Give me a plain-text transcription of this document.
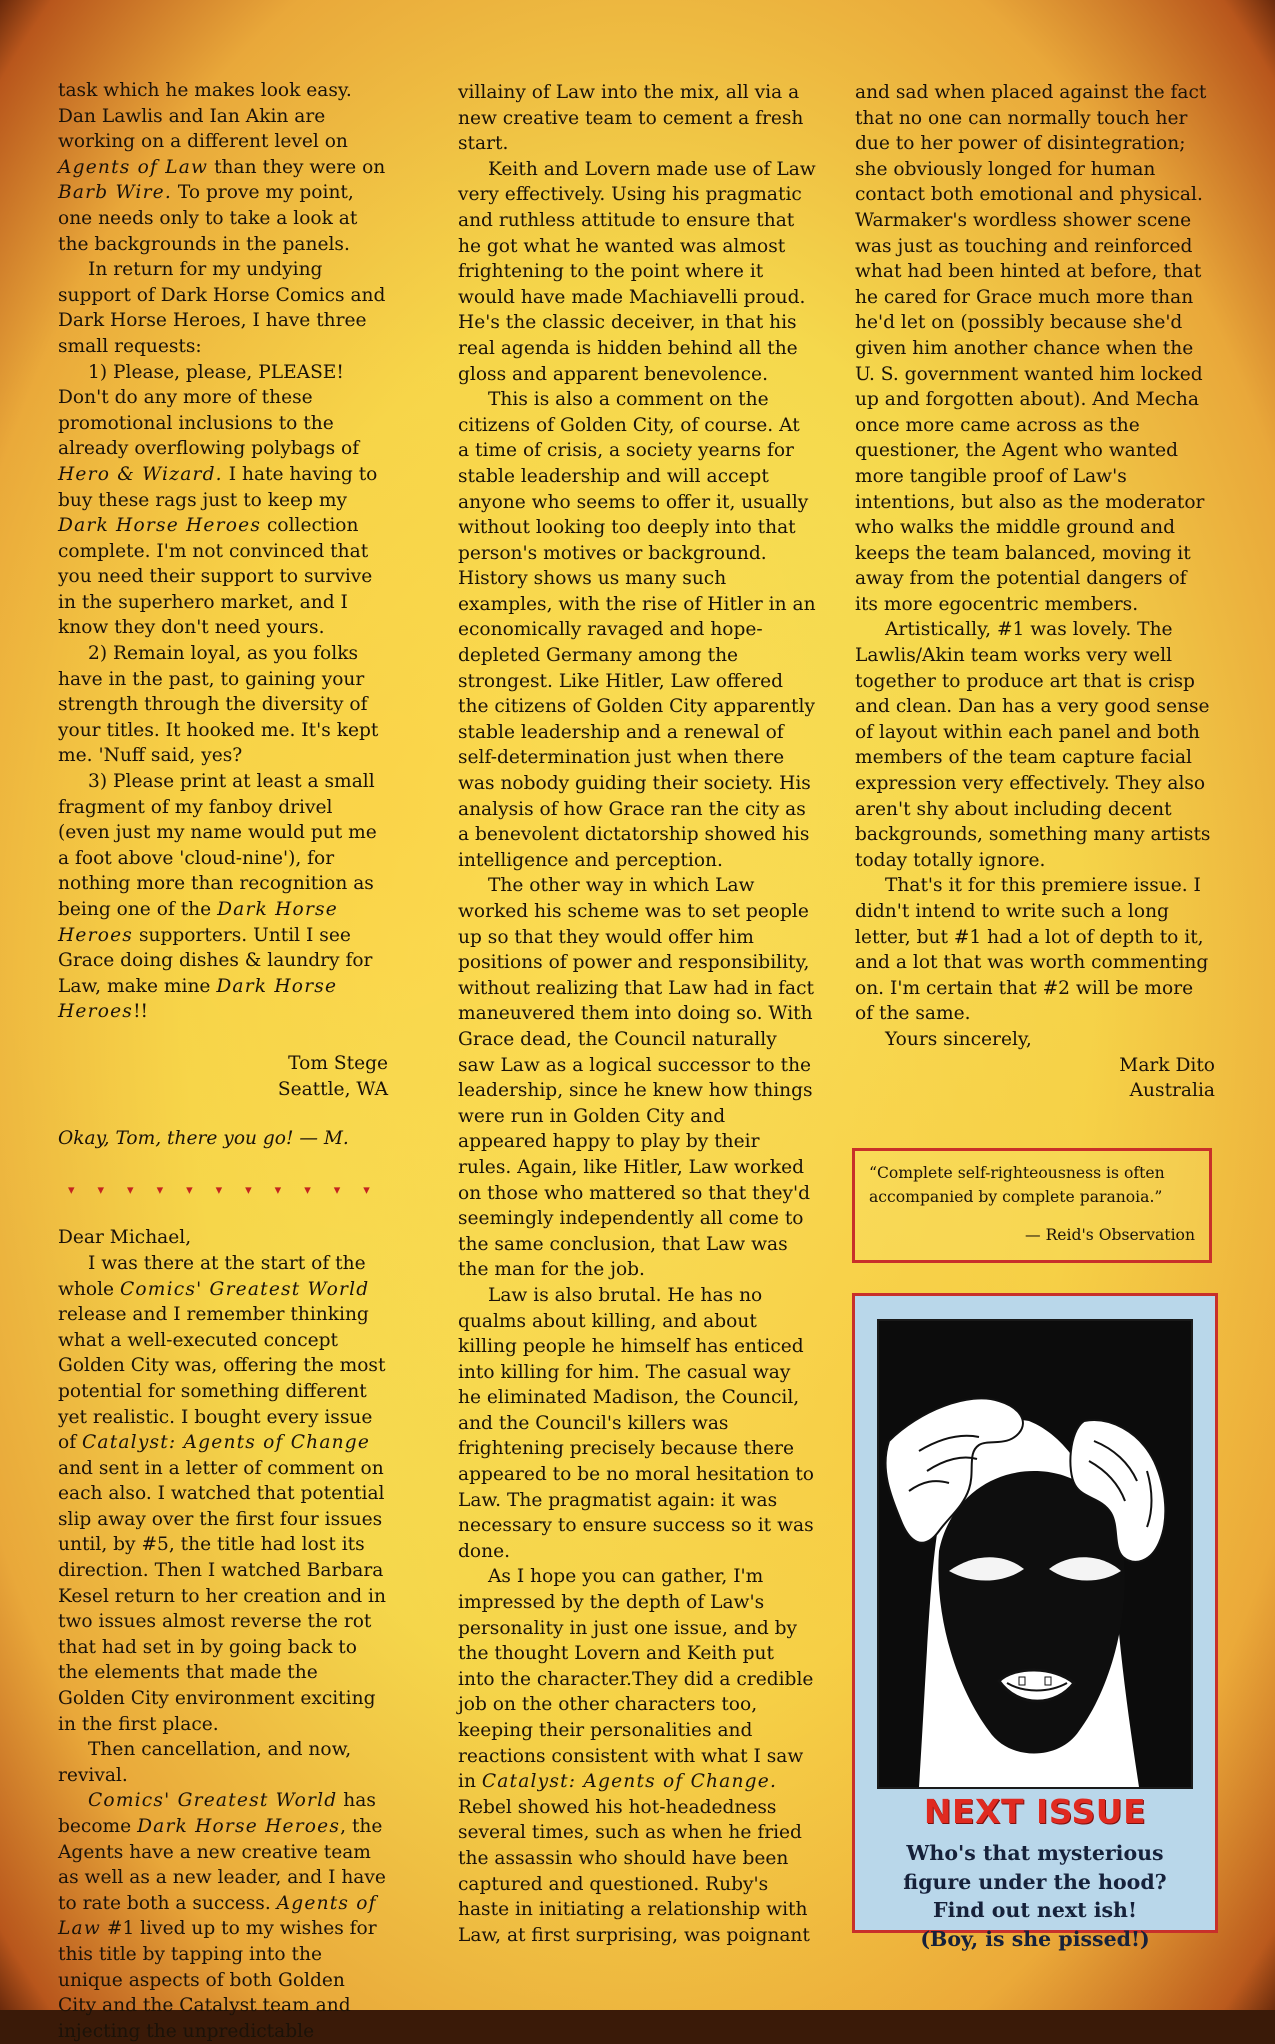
task which he makes look easy. Dan Lawlis and Ian Akin are working on a different level on Agents of Law than they were on Barb Wire. To prove my point, one needs only to take a look at the backgrounds in the panels.

In return for my undying support of Dark Horse Comics and Dark Horse Heroes, I have three small requests:

1) Please, please, PLEASE! Don't do any more of these promotional inclusions to the already overflowing polybags of Hero & Wizard. I hate having to buy these rags just to keep my Dark Horse Heroes collection complete. I'm not convinced that you need their support to survive in the superhero market, and I know they don't need yours.

2) Remain loyal, as you folks have in the past, to gaining your strength through the diversity of your titles. It hooked me. It's kept me. 'Nuff said, yes?

3) Please print at least a small fragment of my fanboy drivel (even just my name would put me a foot above 'cloud-nine'), for nothing more than recognition as being one of the Dark Horse Heroes supporters. Until I see Grace doing dishes & laundry for Law, make mine Dark Horse Heroes!!

Tom Stege

Seattle, WA

Okay, Tom, there you go! — M.

▾▾▾▾▾▾▾▾▾▾▾

Dear Michael,

I was there at the start of the whole Comics' Greatest World release and I remember thinking what a well-executed concept Golden City was, offering the most potential for something different yet realistic. I bought every issue of Catalyst: Agents of Change and sent in a letter of comment on each also. I watched that potential slip away over the first four issues until, by #5, the title had lost its direction. Then I watched Barbara Kesel return to her creation and in two issues almost reverse the rot that had set in by going back to the elements that made the Golden City environment exciting in the first place.

Then cancellation, and now, revival.

Comics' Greatest World has become Dark Horse Heroes, the Agents have a new creative team as well as a new leader, and I have to rate both a success. Agents of Law #1 lived up to my wishes for this title by tapping into the unique aspects of both Golden City and the Catalyst team and injecting the unpredictable

villainy of Law into the mix, all via a new creative team to cement a fresh start.

Keith and Lovern made use of Law very effectively. Using his pragmatic and ruthless attitude to ensure that he got what he wanted was almost frightening to the point where it would have made Machiavelli proud. He's the classic deceiver, in that his real agenda is hidden behind all the gloss and apparent benevolence.

This is also a comment on the citizens of Golden City, of course. At a time of crisis, a society yearns for stable leadership and will accept anyone who seems to offer it, usually without looking too deeply into that person's motives or background. History shows us many such examples, with the rise of Hitler in an economically ravaged and hope-depleted Germany among the strongest. Like Hitler, Law offered the citizens of Golden City apparently stable leadership and a renewal of self-determination just when there was nobody guiding their society. His analysis of how Grace ran the city as a benevolent dictatorship showed his intelligence and perception.

The other way in which Law worked his scheme was to set people up so that they would offer him positions of power and responsibility, without realizing that Law had in fact maneuvered them into doing so. With Grace dead, the Council naturally saw Law as a logical successor to the leadership, since he knew how things were run in Golden City and appeared happy to play by their rules. Again, like Hitler, Law worked on those who mattered so that they'd seemingly independently all come to the same conclusion, that Law was the man for the job.

Law is also brutal. He has no qualms about killing, and about killing people he himself has enticed into killing for him. The casual way he eliminated Madison, the Council, and the Council's killers was frightening precisely because there appeared to be no moral hesitation to Law. The pragmatist again: it was necessary to ensure success so it was done.

As I hope you can gather, I'm impressed by the depth of Law's personality in just one issue, and by the thought Lovern and Keith put into the character.They did a credible job on the other characters too, keeping their personalities and reactions consistent with what I saw in Catalyst: Agents of Change. Rebel showed his hot-headedness several times, such as when he fried the assassin who should have been captured and questioned. Ruby's haste in initiating a relationship with Law, at first surprising, was poignant

and sad when placed against the fact that no one can normally touch her due to her power of disintegration; she obviously longed for human contact both emotional and physical. Warmaker's wordless shower scene was just as touching and reinforced what had been hinted at before, that he cared for Grace much more than he'd let on (possibly because she'd given him another chance when the U. S. government wanted him locked up and forgotten about). And Mecha once more came across as the questioner, the Agent who wanted more tangible proof of Law's intentions, but also as the moderator who walks the middle ground and keeps the team balanced, moving it away from the potential dangers of its more egocentric members.

Artistically, #1 was lovely. The Lawlis/Akin team works very well together to produce art that is crisp and clean. Dan has a very good sense of layout within each panel and both members of the team capture facial expression very effectively. They also aren't shy about including decent backgrounds, something many artists today totally ignore.

That's it for this premiere issue. I didn't intend to write such a long letter, but #1 had a lot of depth to it, and a lot that was worth commenting on. I'm certain that #2 will be more of the same.

Yours sincerely,

Mark Dito

Australia

“Complete self-righteousness is often accompanied by complete paranoia.”
— Reid's Observation
NEXT ISSUE
Who's that mysterious
figure under the hood?
Find out next ish!
(Boy, is she pissed!)
